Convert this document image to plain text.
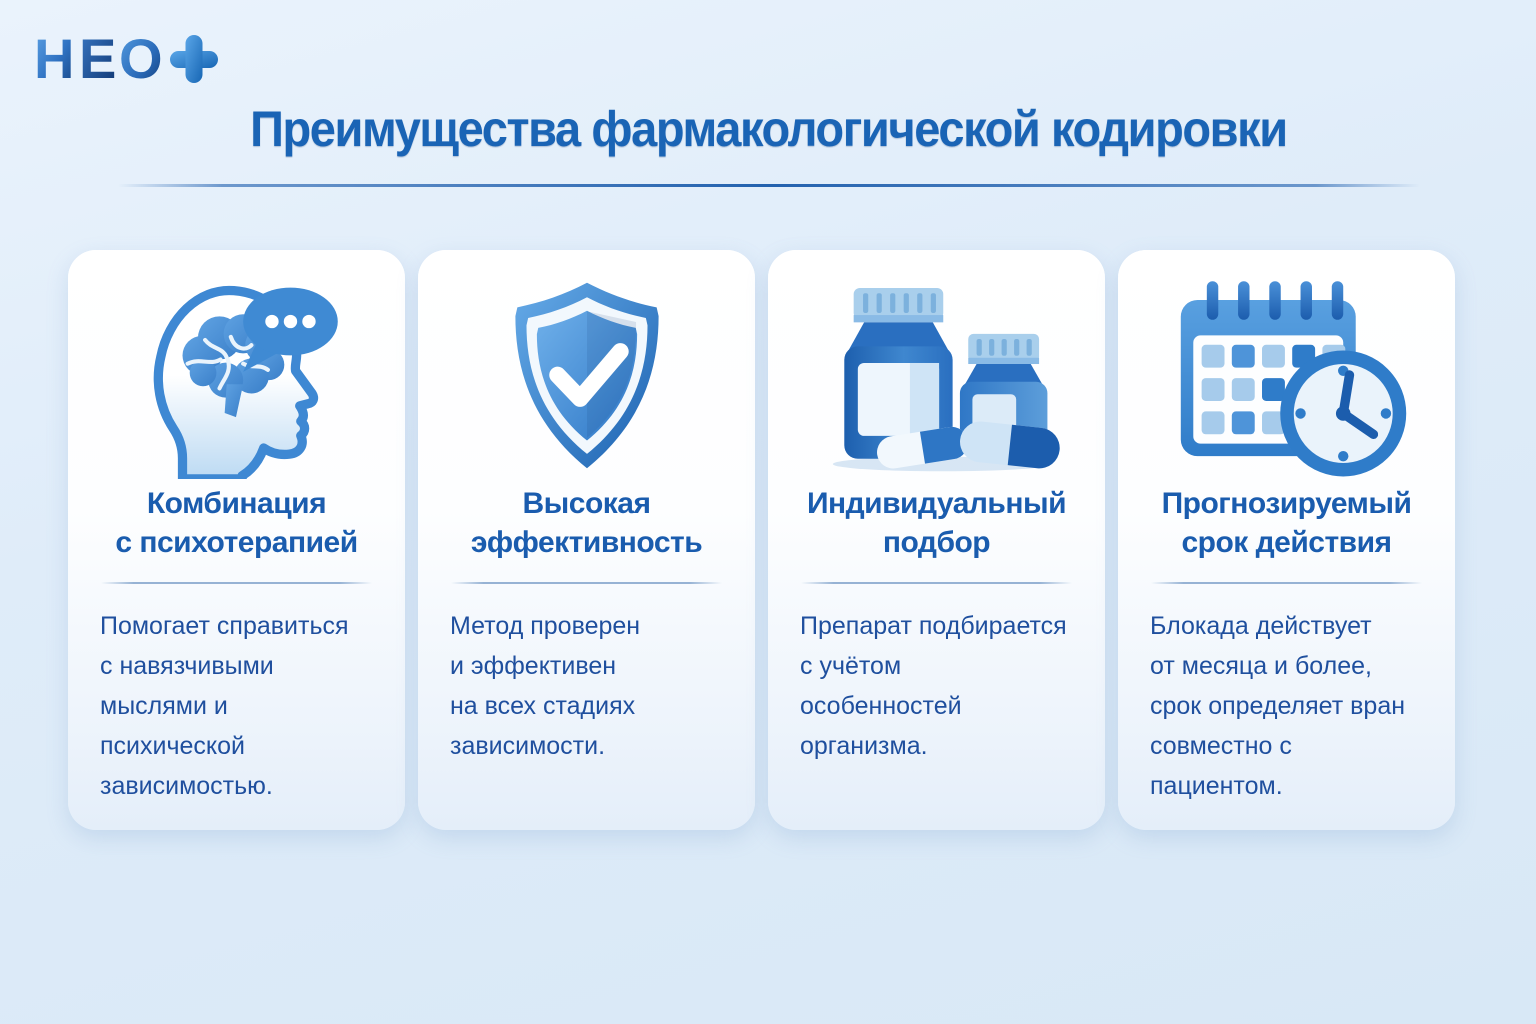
Н Е О
Преимущества фармакологической кодировки
Комбинация
с психотерапией

Помогает справиться
с навязчивыми
мыслями и психической
зависимостью.

Высокая
эффективность

Метод проверен
и эффективен
на всех стадиях
зависимости.

Индивидуальный
подбор

Препарат подбирается
с учётом
особенностей организма.

Прогнозируемый
срок действия

Блокада действует
от месяца и более,
срок определяет вран
совместно с пациентом.
